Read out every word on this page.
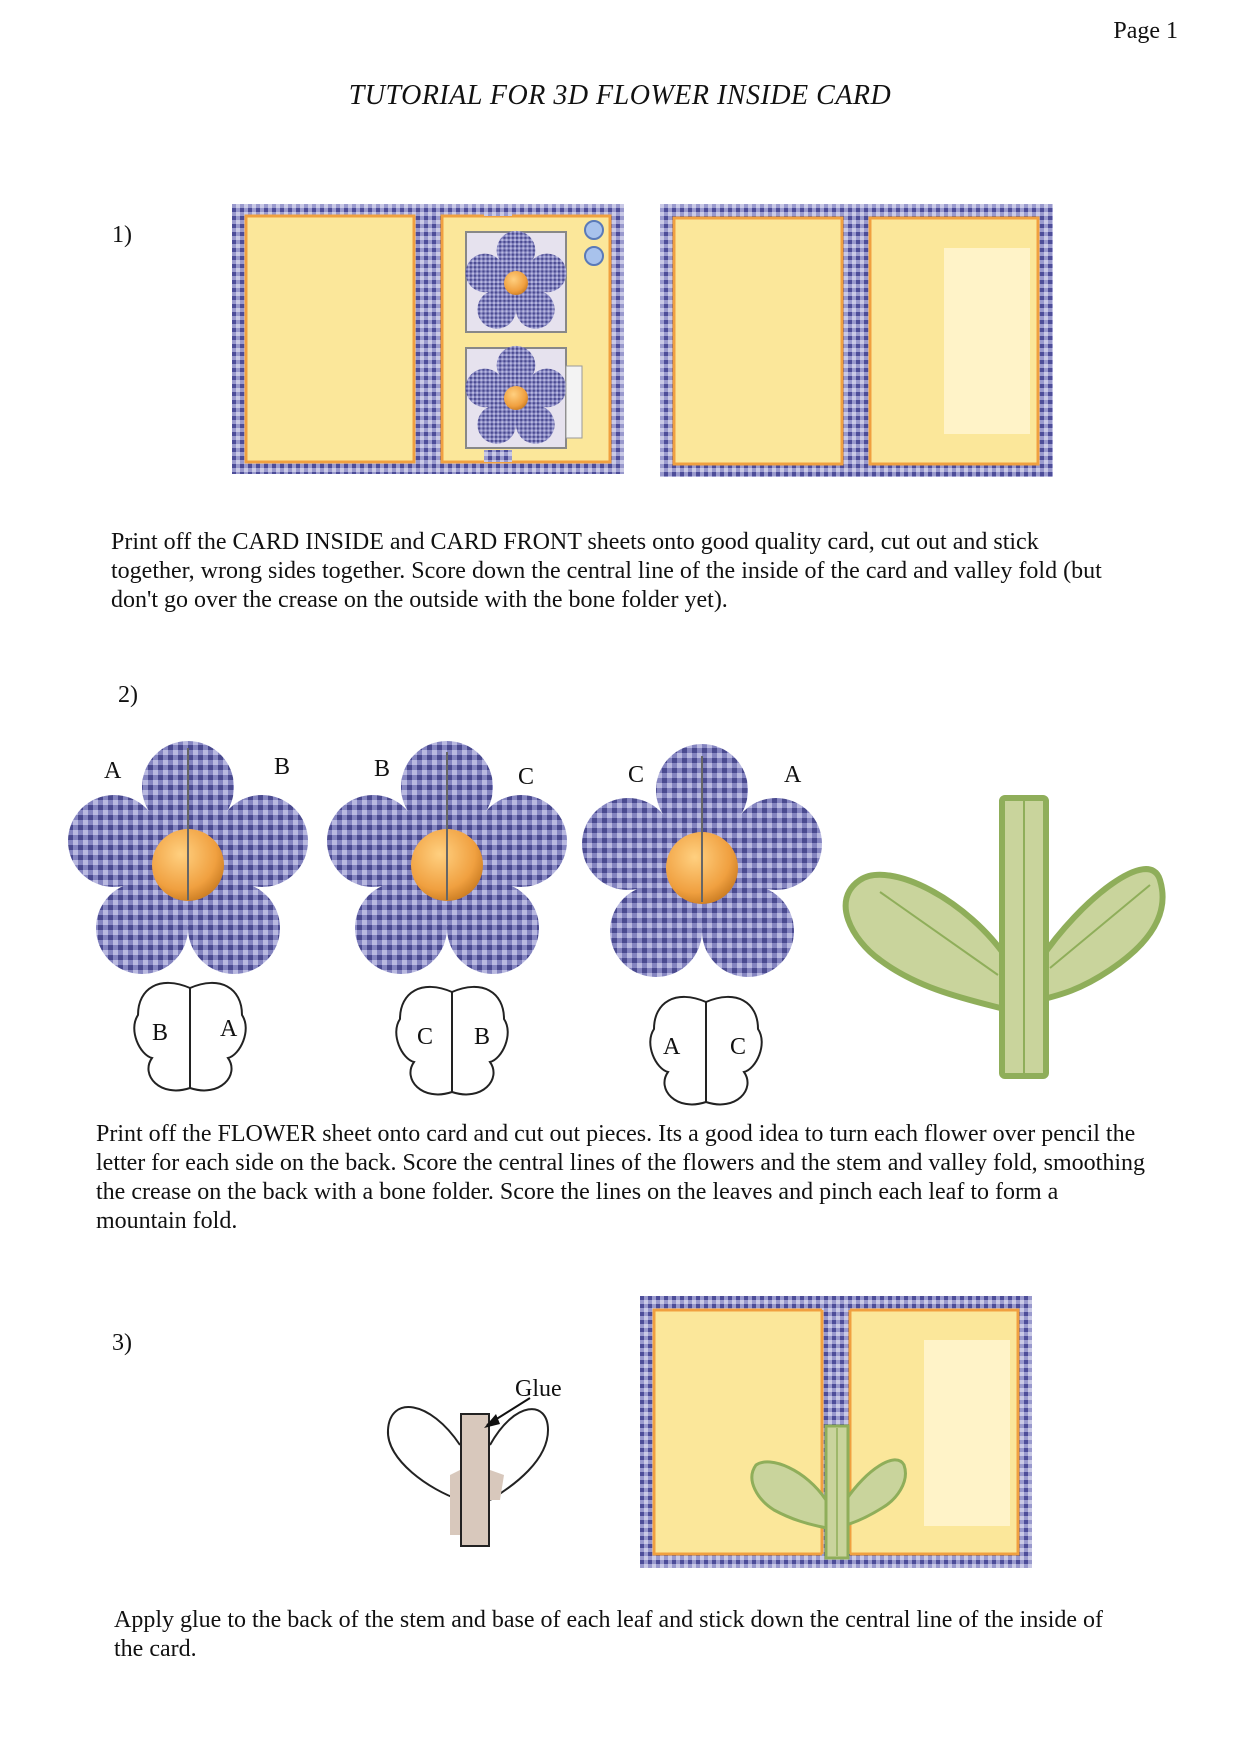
Page 1
TUTORIAL FOR 3D FLOWER INSIDE CARD
1)
Print off the CARD INSIDE and CARD FRONT sheets onto good quality card, cut out and stick together, wrong sides together. Score down the central line of the inside of the card and valley fold (but don't go over the crease on the outside with the bone folder yet).
2)
A	B	B	C	C	A
B A	C B	A C
Print off the FLOWER sheet onto card and cut out pieces. Its a good idea to turn each flower over pencil the letter for each side on the back. Score the central lines of the flowers and the stem and valley fold, smoothing the crease on the back with a bone folder. Score the lines on the leaves and pinch each leaf to form a mountain fold.
3)
Glue
Apply glue to the back of the stem and base of each leaf and stick down the central line of the inside of the card.
